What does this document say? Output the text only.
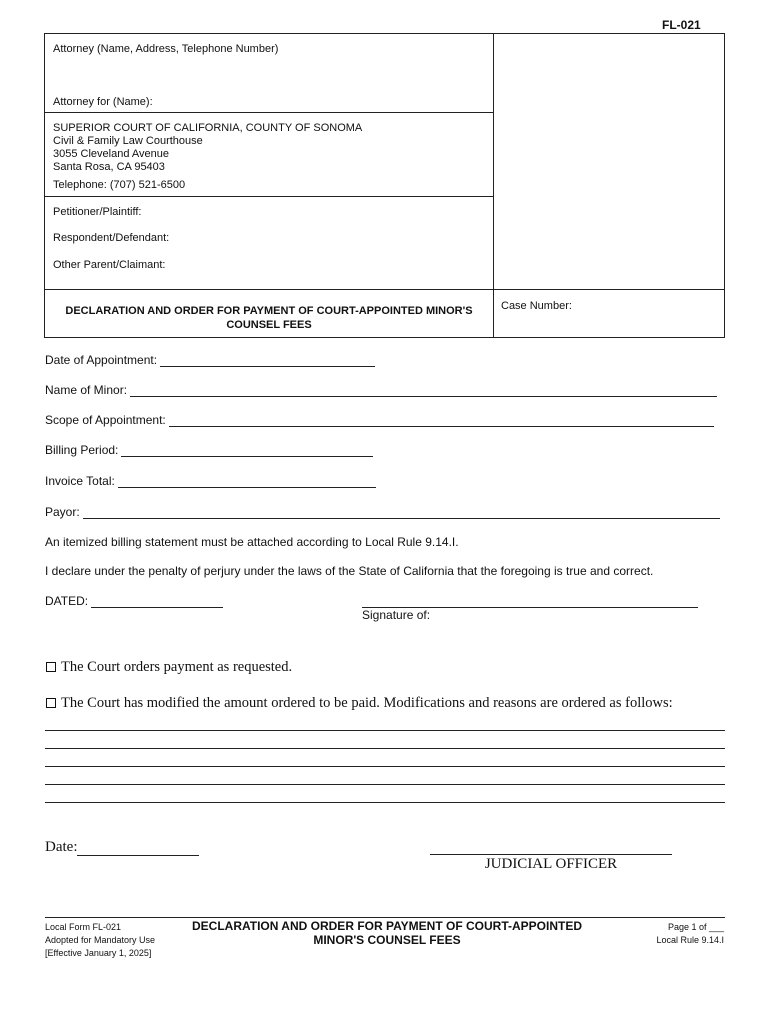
FL-021
Attorney (Name, Address, Telephone Number)
Attorney for (Name):
SUPERIOR COURT OF CALIFORNIA, COUNTY OF SONOMA
Civil & Family Law Courthouse
3055 Cleveland Avenue
Santa Rosa, CA 95403
Telephone: (707) 521-6500
Petitioner/Plaintiff:
Respondent/Defendant:
Other Parent/Claimant:
DECLARATION AND ORDER FOR PAYMENT OF COURT-APPOINTED MINOR'S
COUNSEL FEES
Case Number:
Date of Appointment:
Name of Minor:
Scope of Appointment:
Billing Period:
Invoice Total:
Payor:
An itemized billing statement must be attached according to Local Rule 9.14.I.
I declare under the penalty of perjury under the laws of the State of California that the foregoing is true and correct.
DATED:
Signature of:
The Court orders payment as requested.
The Court has modified the amount ordered to be paid. Modifications and reasons are ordered as follows:
Date:
JUDICIAL OFFICER
Local Form FL-021
Adopted for Mandatory Use
[Effective January 1, 2025]
DECLARATION AND ORDER FOR PAYMENT OF COURT-APPOINTED
MINOR'S COUNSEL FEES
Page 1 of ___
Local Rule 9.14.I
